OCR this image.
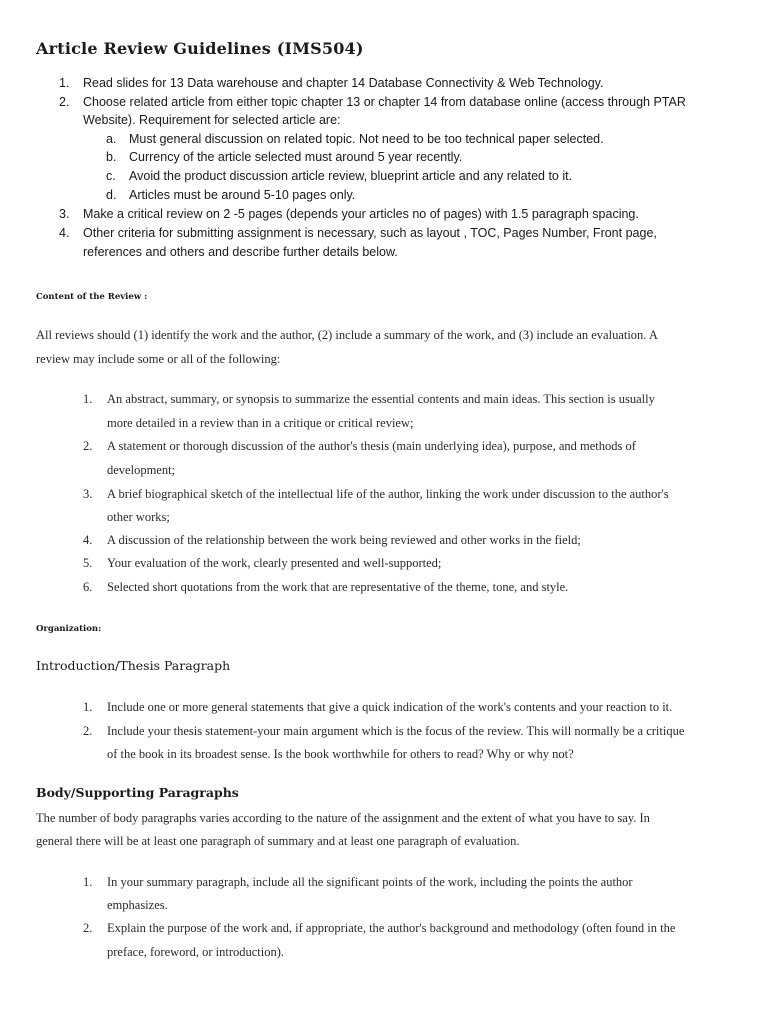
Article Review Guidelines (IMS504)
1. Read slides for 13 Data warehouse and chapter 14 Database Connectivity & Web Technology.
2. Choose related article from either topic chapter 13 or chapter 14 from database online (access through PTAR
Website). Requirement for selected article are:
a. Must general discussion on related topic. Not need to be too technical paper selected.
b. Currency of the article selected must around 5 year recently.
c. Avoid the product discussion article review, blueprint article and any related to it.
d. Articles must be around 5-10 pages only.
3. Make a critical review on 2 -5 pages (depends your articles no of pages) with 1.5 paragraph spacing.
4. Other criteria for submitting assignment is necessary, such as layout , TOC, Pages Number, Front page,
references and others and describe further details below.
Content of the Review :
All reviews should (1) identify the work and the author, (2) include a summary of the work, and (3) include an evaluation. A
review may include some or all of the following:
1. An abstract, summary, or synopsis to summarize the essential contents and main ideas. This section is usually
more detailed in a review than in a critique or critical review;
2. A statement or thorough discussion of the author's thesis (main underlying idea), purpose, and methods of
development;
3. A brief biographical sketch of the intellectual life of the author, linking the work under discussion to the author's
other works;
4. A discussion of the relationship between the work being reviewed and other works in the field;
5. Your evaluation of the work, clearly presented and well-supported;
6. Selected short quotations from the work that are representative of the theme, tone, and style.
Organization:
Introduction/Thesis Paragraph
1. Include one or more general statements that give a quick indication of the work's contents and your reaction to it.
2. Include your thesis statement-your main argument which is the focus of the review. This will normally be a critique
of the book in its broadest sense. Is the book worthwhile for others to read? Why or why not?
Body/Supporting Paragraphs
The number of body paragraphs varies according to the nature of the assignment and the extent of what you have to say. In
general there will be at least one paragraph of summary and at least one paragraph of evaluation.
1. In your summary paragraph, include all the significant points of the work, including the points the author
emphasizes.
2. Explain the purpose of the work and, if appropriate, the author's background and methodology (often found in the
preface, foreword, or introduction).
